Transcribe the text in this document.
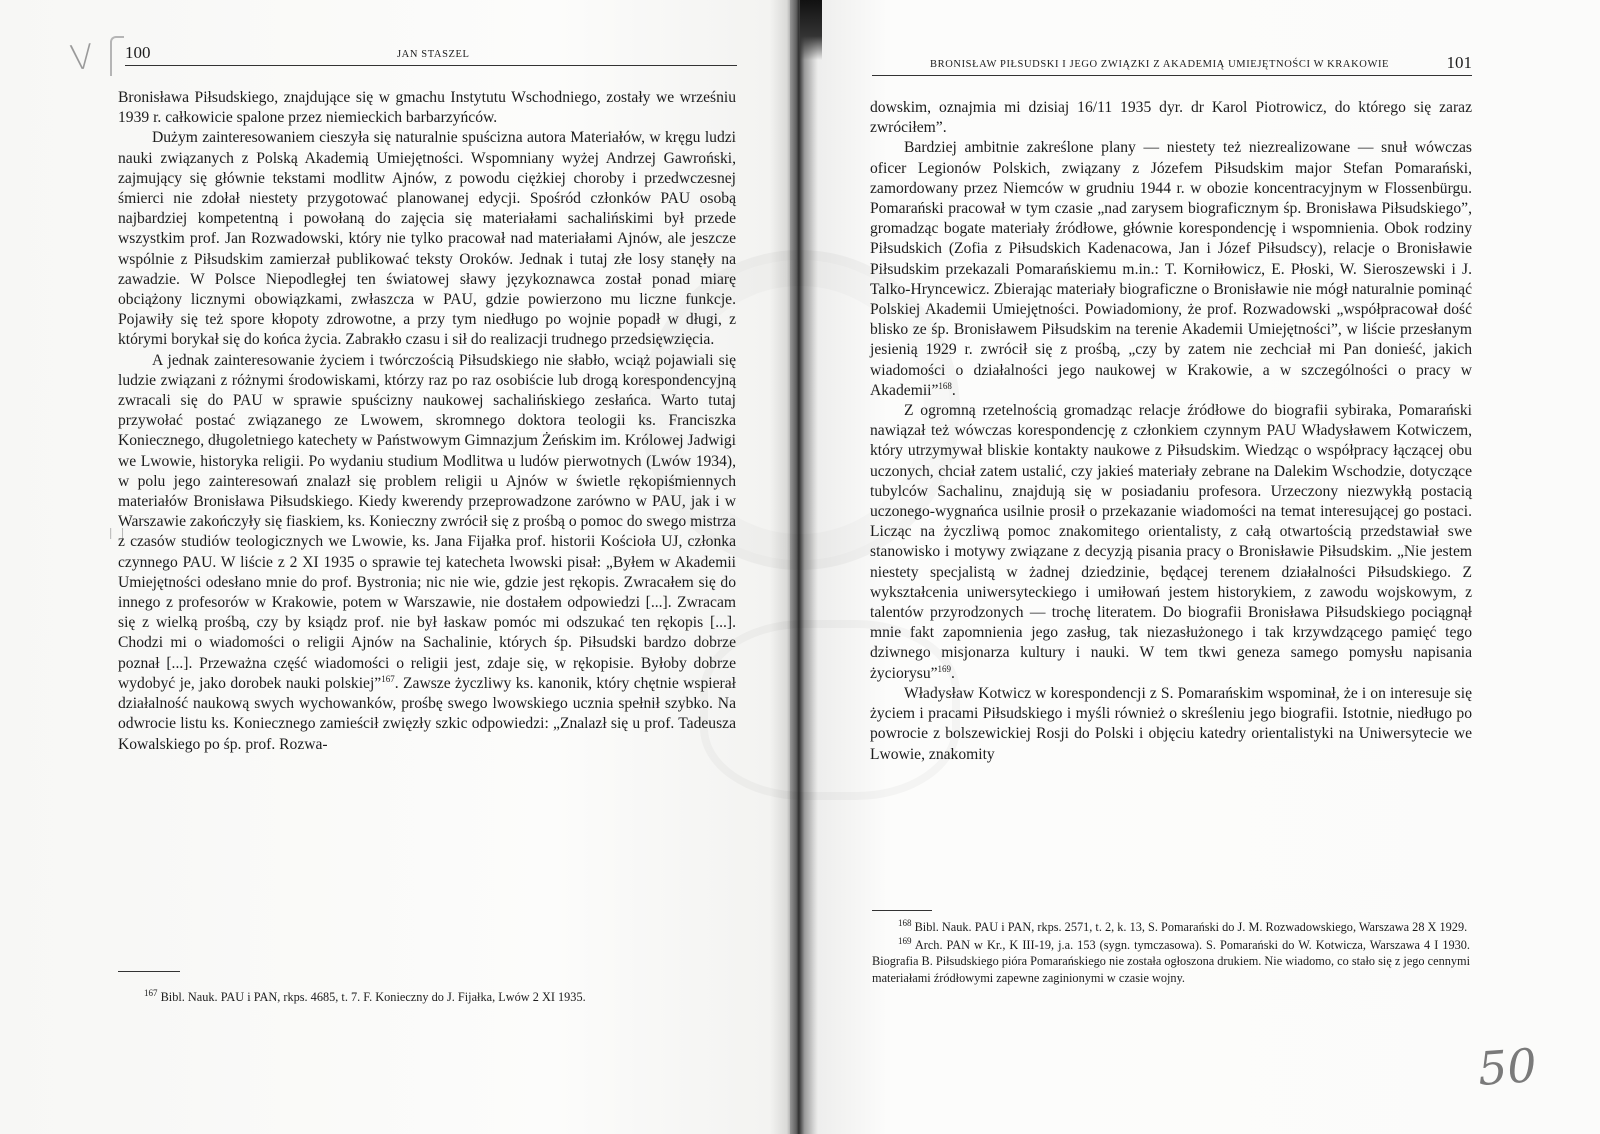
V
ı ı
100	JAN STASZEL
Bronisława Piłsudskiego, znajdujące się w gmachu Instytutu Wschodniego, zostały we wrześniu 1939 r. całkowicie spalone przez niemieckich barbarzyńców.
Dużym zainteresowaniem cieszyła się naturalnie spuścizna autora Materiałów, w kręgu ludzi nauki związanych z Polską Akademią Umiejętności. Wspomniany wyżej Andrzej Gawroński, zajmujący się głównie tekstami modlitw Ajnów, z powodu ciężkiej choroby i przedwczesnej śmierci nie zdołał niestety przygotować planowanej edycji. Spośród członków PAU osobą najbardziej kompetentną i powołaną do zajęcia się materiałami sachalińskimi był przede wszystkim prof. Jan Rozwadowski, który nie tylko pracował nad materiałami Ajnów, ale jeszcze wspólnie z Piłsudskim zamierzał publikować teksty Oroków. Jednak i tutaj złe losy stanęły na zawadzie. W Polsce Niepodległej ten światowej sławy językoznawca został ponad miarę obciążony licznymi obowiązkami, zwłaszcza w PAU, gdzie powierzono mu liczne funkcje. Pojawiły się też spore kłopoty zdrowotne, a przy tym niedługo po wojnie popadł w długi, z którymi borykał się do końca życia. Zabrakło czasu i sił do realizacji trudnego przedsięwzięcia.
A jednak zainteresowanie życiem i twórczością Piłsudskiego nie słabło, wciąż pojawiali się ludzie związani z różnymi środowiskami, którzy raz po raz osobiście lub drogą korespondencyjną zwracali się do PAU w sprawie spuścizny naukowej sachalińskiego zesłańca. Warto tutaj przywołać postać związanego ze Lwowem, skromnego doktora teologii ks. Franciszka Koniecznego, długoletniego katechety w Państwowym Gimnazjum Żeńskim im. Królowej Jadwigi we Lwowie, historyka religii. Po wydaniu studium Modlitwa u ludów pierwotnych (Lwów 1934), w polu jego zainteresowań znalazł się problem religii u Ajnów w świetle rękopiśmiennych materiałów Bronisława Piłsudskiego. Kiedy kwerendy przeprowadzone zarówno w PAU, jak i w Warszawie zakończyły się fiaskiem, ks. Konieczny zwrócił się z prośbą o pomoc do swego mistrza z czasów studiów teologicznych we Lwowie, ks. Jana Fijałka prof. historii Kościoła UJ, członka czynnego PAU. W liście z 2 XI 1935 o sprawie tej katecheta lwowski pisał: „Byłem w Akademii Umiejętności odesłano mnie do prof. Bystronia; nic nie wie, gdzie jest rękopis. Zwracałem się do innego z profesorów w Krakowie, potem w Warszawie, nie dostałem odpowiedzi [...]. Zwracam się z wielką prośbą, czy by ksiądz prof. nie był łaskaw pomóc mi odszukać ten rękopis [...]. Chodzi mi o wiadomości o religii Ajnów na Sachalinie, których śp. Piłsudski bardzo dobrze poznał [...]. Przeważna część wiadomości o religii jest, zdaje się, w rękopisie. Byłoby dobrze wydobyć je, jako dorobek nauki polskiej”$^{167}$. Zawsze życzliwy ks. kanonik, który chętnie wspierał działalność naukową swych wychowanków, prośbę swego lwowskiego ucznia spełnił szybko. Na odwrocie listu ks. Koniecznego zamieścił zwięzły szkic odpowiedzi: „Znalazł się u prof. Tadeusza Kowalskiego po śp. prof. Rozwa-
$^{167}$ Bibl. Nauk. PAU i PAN, rkps. 4685, t. 7. F. Konieczny do J. Fijałka, Lwów 2 XI 1935.
BRONISŁAW PIŁSUDSKI I JEGO ZWIĄZKI Z AKADEMIĄ UMIEJĘTNOŚCI W KRAKOWIE	101
dowskim, oznajmia mi dzisiaj 16/11 1935 dyr. dr Karol Piotrowicz, do którego się zaraz zwróciłem”.
Bardziej ambitnie zakreślone plany — niestety też niezrealizowane — snuł wówczas oficer Legionów Polskich, związany z Józefem Piłsudskim major Stefan Pomarański, zamordowany przez Niemców w grudniu 1944 r. w obozie koncentracyjnym w Flossenbürgu. Pomarański pracował w tym czasie „nad zarysem biograficznym śp. Bronisława Piłsudskiego”, gromadząc bogate materiały źródłowe, głównie korespondencję i wspomnienia. Obok rodziny Piłsudskich (Zofia z Piłsudskich Kadenacowa, Jan i Józef Piłsudscy), relacje o Bronisławie Piłsudskim przekazali Pomarańskiemu m.in.: T. Korniłowicz, E. Płoski, W. Sieroszewski i J. Talko-Hryncewicz. Zbierając materiały biograficzne o Bronisławie nie mógł naturalnie pominąć Polskiej Akademii Umiejętności. Powiadomiony, że prof. Rozwadowski „współpracował dość blisko ze śp. Bronisławem Piłsudskim na terenie Akademii Umiejętności”, w liście przesłanym jesienią 1929 r. zwrócił się z prośbą, „czy by zatem nie zechciał mi Pan donieść, jakich wiadomości o działalności jego naukowej w Krakowie, a w szczególności o pracy w Akademii”$^{168}$.
Z ogromną rzetelnością gromadząc relacje źródłowe do biografii sybiraka, Pomarański nawiązał też wówczas korespondencję z członkiem czynnym PAU Władysławem Kotwiczem, który utrzymywał bliskie kontakty naukowe z Piłsudskim. Wiedząc o współpracy łączącej obu uczonych, chciał zatem ustalić, czy jakieś materiały zebrane na Dalekim Wschodzie, dotyczące tubylców Sachalinu, znajdują się w posiadaniu profesora. Urzeczony niezwykłą postacią uczonego-wygnańca usilnie prosił o przekazanie wiadomości na temat interesującej go postaci. Licząc na życzliwą pomoc znakomitego orientalisty, z całą otwartością przedstawiał swe stanowisko i motywy związane z decyzją pisania pracy o Bronisławie Piłsudskim. „Nie jestem niestety specjalistą w żadnej dziedzinie, będącej terenem działalności Piłsudskiego. Z wykształcenia uniwersyteckiego i umiłowań jestem historykiem, z zawodu wojskowym, z talentów przyrodzonych — trochę literatem. Do biografii Bronisława Piłsudskiego pociągnął mnie fakt zapomnienia jego zasług, tak niezasłużonego i tak krzywdzącego pamięć tego dziwnego misjonarza kultury i nauki. W tem tkwi geneza samego pomysłu napisania życiorysu”$^{169}$.
Władysław Kotwicz w korespondencji z S. Pomarańskim wspominał, że i on interesuje się życiem i pracami Piłsudskiego i myśli również o skreśleniu jego biografii. Istotnie, niedługo po powrocie z bolszewickiej Rosji do Polski i objęciu katedry orientalistyki na Uniwersytecie we Lwowie, znakomity
$^{168}$ Bibl. Nauk. PAU i PAN, rkps. 2571, t. 2, k. 13, S. Pomarański do J. M. Rozwadowskiego, Warszawa 28 X 1929.
$^{169}$ Arch. PAN w Kr., K III-19, j.a. 153 (sygn. tymczasowa). S. Pomarański do W. Kotwicza, Warszawa 4 I 1930. Biografia B. Piłsudskiego pióra Pomarańskiego nie została ogłoszona drukiem. Nie wiadomo, co stało się z jego cennymi materiałami źródłowymi zapewne zaginionymi w czasie wojny.
50
